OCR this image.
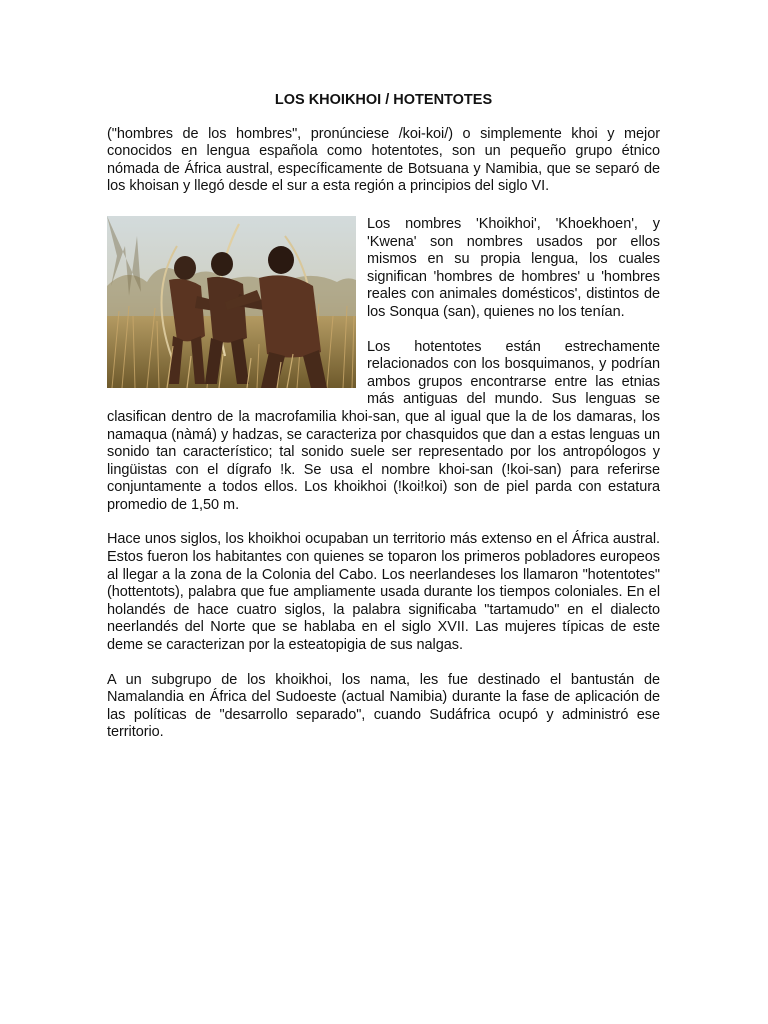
LOS KHOIKHOI / HOTENTOTES

("hombres de los hombres", pronúnciese /koi-koi/) o simplemente khoi y mejor conocidos en lengua española como hotentotes, son un pequeño grupo étnico nómada de África austral, específicamente de Botsuana y Namibia, que se separó de los khoisan y llegó desde el sur a esta región a principios del siglo VI.

Los nombres 'Khoikhoi', 'Khoekhoen', y 'Kwena' son nombres usados por ellos mismos en su propia lengua, los cuales significan 'hombres de hombres' u 'hombres reales con animales domésticos', distintos de los Sonqua (san), quienes no los tenían.

Los hotentotes están estrechamente relacionados con los bosquimanos, y podrían ambos grupos encontrarse entre las etnias más antiguas del mundo. Sus lenguas se clasifican dentro de la macrofamilia khoi-san, que al igual que la de los damaras, los namaqua (nàmá) y hadzas, se caracteriza por chasquidos que dan a estas lenguas un sonido tan característico; tal sonido suele ser representado por los antropólogos y lingüistas con el dígrafo !k. Se usa el nombre khoi-san (!koi-san) para referirse conjuntamente a todos ellos. Los khoikhoi (!koi!koi) son de piel parda con estatura promedio de 1,50 m.

Hace unos siglos, los khoikhoi ocupaban un territorio más extenso en el África austral. Estos fueron los habitantes con quienes se toparon los primeros pobladores europeos al llegar a la zona de la Colonia del Cabo. Los neerlandeses los llamaron "hotentotes" (hottentots), palabra que fue ampliamente usada durante los tiempos coloniales. En el holandés de hace cuatro siglos, la palabra significaba "tartamudo" en el dialecto neerlandés del Norte que se hablaba en el siglo XVII. Las mujeres típicas de este deme se caracterizan por la esteatopigia de sus nalgas.

A un subgrupo de los khoikhoi, los nama, les fue destinado el bantustán de Namalandia en África del Sudoeste (actual Namibia) durante la fase de aplicación de las políticas de "desarrollo separado", cuando Sudáfrica ocupó y administró ese territorio.
